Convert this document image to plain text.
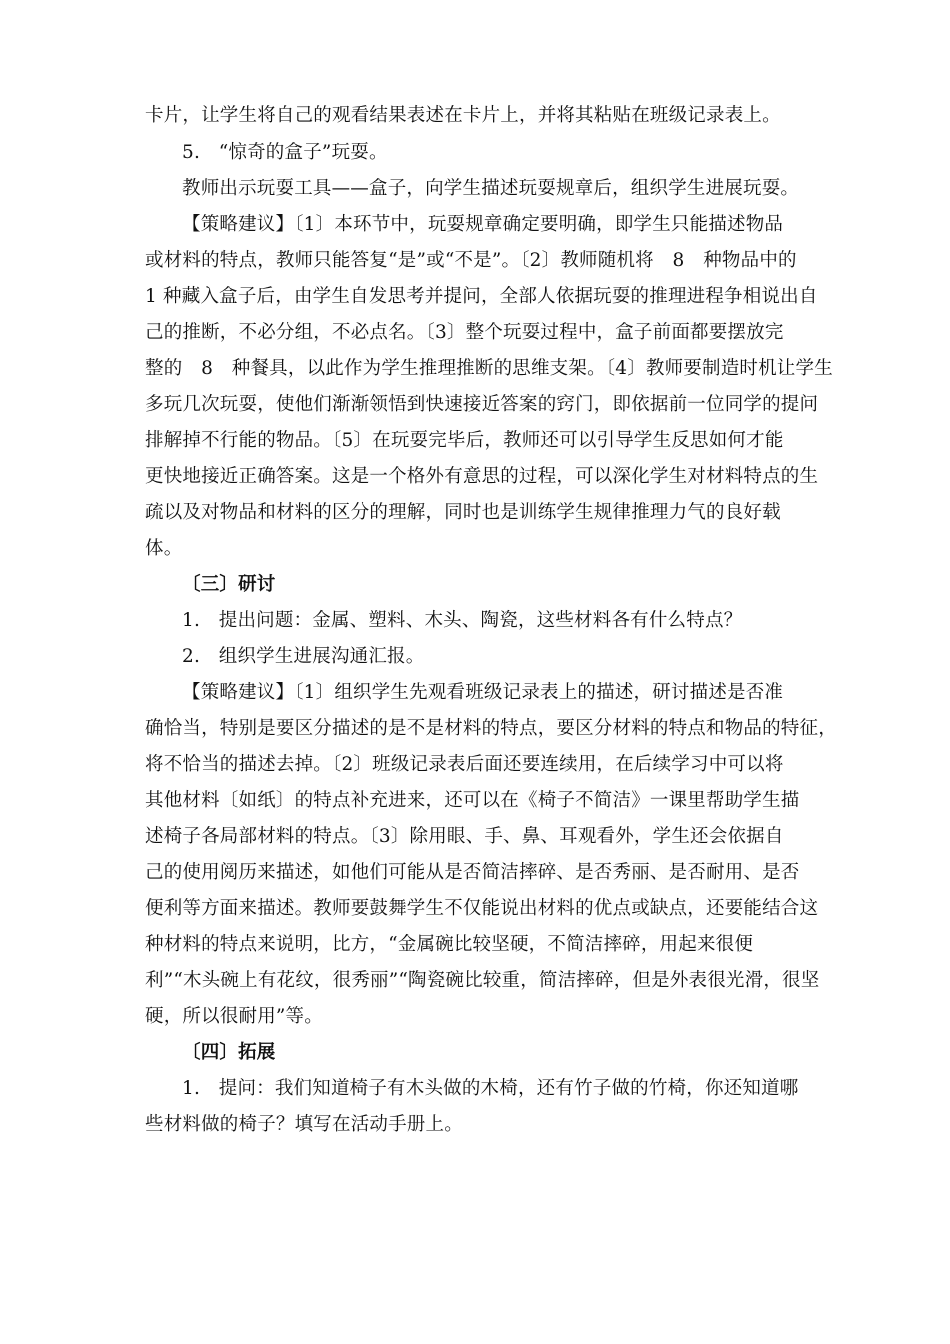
卡片，让学生将自己的观看结果表述在卡片上，并将其粘贴在班级记录表上。
5.　“惊奇的盒子”玩耍。
教师出示玩耍工具——盒子，向学生描述玩耍规章后，组织学生进展玩耍。
【策略建议】〔1〕本环节中，玩耍规章确定要明确，即学生只能描述物品
或材料的特点，教师只能答复“是”或“不是”。〔2〕教师随机将　8　种物品中的
1 种藏入盒子后，由学生自发思考并提问，全部人依据玩耍的推理进程争相说出自
己的推断，不必分组，不必点名。〔3〕整个玩耍过程中，盒子前面都要摆放完
整的　8　种餐具，以此作为学生推理推断的思维支架。〔4〕教师要制造时机让学生
多玩几次玩耍，使他们渐渐领悟到快速接近答案的窍门，即依据前一位同学的提问
排解掉不行能的物品。〔5〕在玩耍完毕后，教师还可以引导学生反思如何才能
更快地接近正确答案。这是一个格外有意思的过程，可以深化学生对材料特点的生
疏以及对物品和材料的区分的理解，同时也是训练学生规律推理力气的良好载
体。
〔三〕研讨
1.　提出问题：金属、塑料、木头、陶瓷，这些材料各有什么特点？
2.　组织学生进展沟通汇报。
【策略建议】〔1〕组织学生先观看班级记录表上的描述，研讨描述是否准
确恰当，特别是要区分描述的是不是材料的特点，要区分材料的特点和物品的特征，
将不恰当的描述去掉。〔2〕班级记录表后面还要连续用，在后续学习中可以将
其他材料〔如纸〕的特点补充进来，还可以在《椅子不简洁》一课里帮助学生描
述椅子各局部材料的特点。〔3〕除用眼、手、鼻、耳观看外，学生还会依据自
己的使用阅历来描述，如他们可能从是否简洁摔碎、是否秀丽、是否耐用、是否
便利等方面来描述。教师要鼓舞学生不仅能说出材料的优点或缺点，还要能结合这
种材料的特点来说明，比方，“金属碗比较坚硬，不简洁摔碎，用起来很便
利”“木头碗上有花纹，很秀丽”“陶瓷碗比较重，简洁摔碎，但是外表很光滑，很坚
硬，所以很耐用”等。
〔四〕拓展
1.　提问：我们知道椅子有木头做的木椅，还有竹子做的竹椅，你还知道哪
些材料做的椅子？填写在活动手册上。
